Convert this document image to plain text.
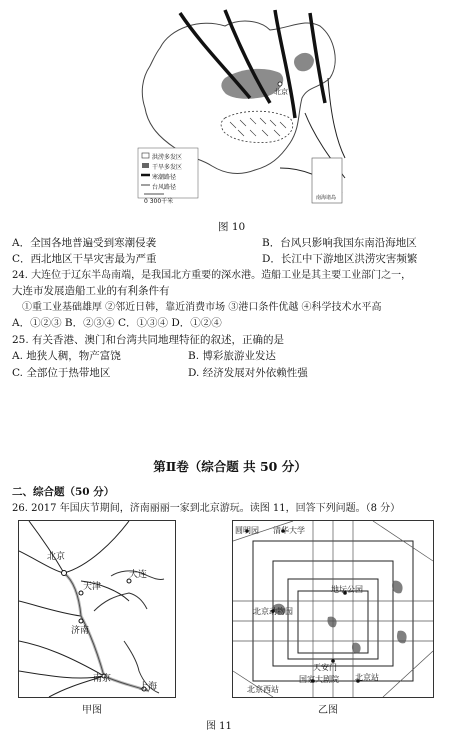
北京
洪涝多发区
干旱多发区
寒潮路径
台风路径
0 300千米	南海诸岛
图 10
A．全国各地普遍受到寒潮侵袭	B．台风只影响我国东南沿海地区
C．西北地区干旱灾害最为严重	D．长江中下游地区洪涝灾害频繁
24. 大连位于辽东半岛南端，是我国北方重要的深水港。造船工业是其主要工业部门之一，
大连市发展造船工业的有利条件有
①重工业基础雄厚 ②邻近日韩，靠近消费市场 ③港口条件优越 ④科学技术水平高
A．①②③ B．②③④ C．①③④ D．①②④
25. 有关香港、澳门和台湾共同地理特征的叙述，正确的是
A. 地狭人稠，物产富饶	B. 博彩旅游业发达
C. 全部位于热带地区	D. 经济发展对外依赖性强
第Ⅱ卷（综合题 共 50 分）
二、综合题（50 分）
26. 2017 年国庆节期间，济南丽丽一家到北京游玩。读图 11，回答下列问题。（8 分）
北京
天津
大连
济南
南京
上海
甲图
圆明园 清华大学
北京动物园
地坛公园
天安门
国家大剧院
北京西站
北京站
乙图
图 11
